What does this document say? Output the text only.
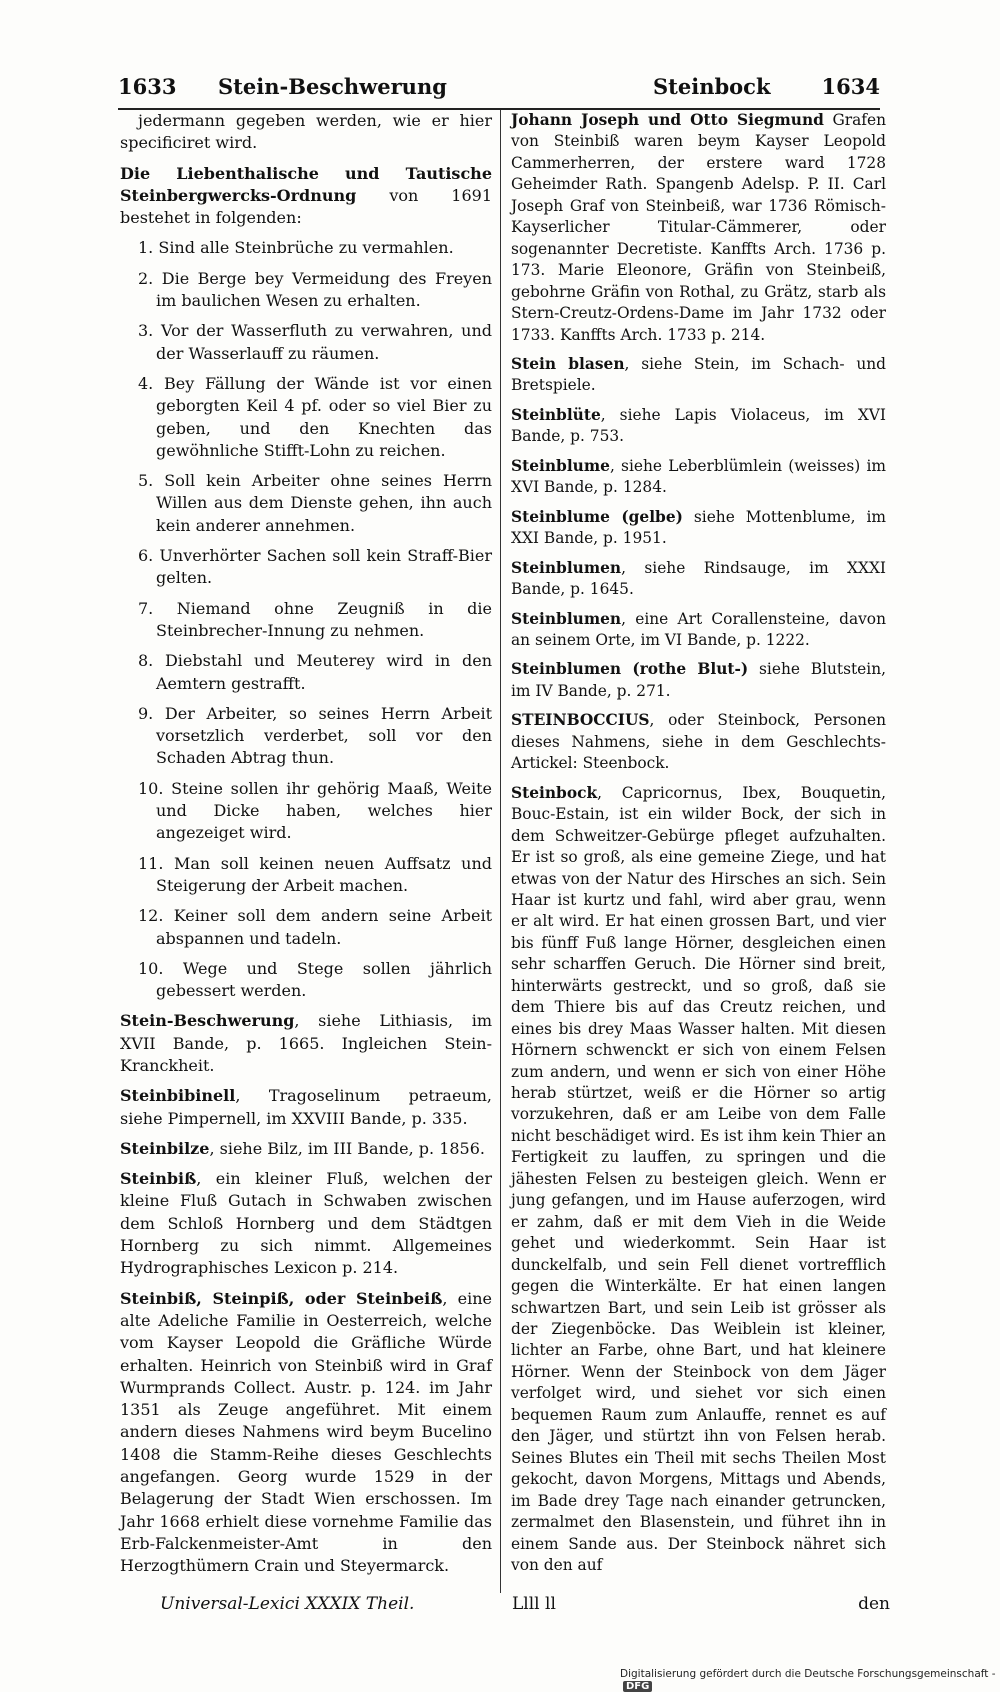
1633 Stein-Beschwerung	Steinbock 1634

jedermann gegeben werden, wie er hier specificiret wird.

Die Liebenthalische und Tautische Steinbergwercks-Ordnung von 1691 bestehet in folgenden:

1. Sind alle Steinbrüche zu vermahlen.

2. Die Berge bey Vermeidung des Freyen im baulichen Wesen zu erhalten.

3. Vor der Wasserfluth zu verwahren, und der Wasserlauff zu räumen.

4. Bey Fällung der Wände ist vor einen geborgten Keil 4 pf. oder so viel Bier zu geben, und den Knechten das gewöhnliche Stifft-Lohn zu reichen.

5. Soll kein Arbeiter ohne seines Herrn Willen aus dem Dienste gehen, ihn auch kein anderer annehmen.

6. Unverhörter Sachen soll kein Straff-Bier gelten.

7. Niemand ohne Zeugniß in die Steinbrecher-Innung zu nehmen.

8. Diebstahl und Meuterey wird in den Aemtern gestrafft.

9. Der Arbeiter, so seines Herrn Arbeit vorsetzlich verderbet, soll vor den Schaden Abtrag thun.

10. Steine sollen ihr gehörig Maaß, Weite und Dicke haben, welches hier angezeiget wird.

11. Man soll keinen neuen Auffsatz und Steigerung der Arbeit machen.

12. Keiner soll dem andern seine Arbeit abspannen und tadeln.

10. Wege und Stege sollen jährlich gebessert werden.

Stein-Beschwerung, siehe Lithiasis, im XVII Bande, p. 1665. Ingleichen Stein-Kranckheit.

Steinbibinell, Tragoselinum petraeum, siehe Pimpernell, im XXVIII Bande, p. 335.

Steinbilze, siehe Bilz, im III Bande, p. 1856.

Steinbiß, ein kleiner Fluß, welchen der kleine Fluß Gutach in Schwaben zwischen dem Schloß Hornberg und dem Städtgen Hornberg zu sich nimmt. Allgemeines Hydrographisches Lexicon p. 214.

Steinbiß, Steinpiß, oder Steinbeiß, eine alte Adeliche Familie in Oesterreich, welche vom Kayser Leopold die Gräfliche Würde erhalten. Heinrich von Steinbiß wird in Graf Wurmprands Collect. Austr. p. 124. im Jahr 1351 als Zeuge angeführet. Mit einem andern dieses Nahmens wird beym Bucelino 1408 die Stamm-Reihe dieses Geschlechts angefangen. Georg wurde 1529 in der Belagerung der Stadt Wien erschossen. Im Jahr 1668 erhielt diese vornehme Familie das Erb-Falckenmeister-Amt in den Herzogthümern Crain und Steyermarck.

Johann Joseph und Otto Siegmund Grafen von Steinbiß waren beym Kayser Leopold Cammerherren, der erstere ward 1728 Geheimder Rath. Spangenb Adelsp. P. II. Carl Joseph Graf von Steinbeiß, war 1736 Römisch-Kayserlicher Titular-Cämmerer, oder sogenannter Decretiste. Kanffts Arch. 1736 p. 173. Marie Eleonore, Gräfin von Steinbeiß, gebohrne Gräfin von Rothal, zu Grätz, starb als Stern-Creutz-Ordens-Dame im Jahr 1732 oder 1733. Kanffts Arch. 1733 p. 214.

Stein blasen, siehe Stein, im Schach- und Bretspiele.

Steinblüte, siehe Lapis Violaceus, im XVI Bande, p. 753.

Steinblume, siehe Leberblümlein (weisses) im XVI Bande, p. 1284.

Steinblume (gelbe) siehe Mottenblume, im XXI Bande, p. 1951.

Steinblumen, siehe Rindsauge, im XXXI Bande, p. 1645.

Steinblumen, eine Art Corallensteine, davon an seinem Orte, im VI Bande, p. 1222.

Steinblumen (rothe Blut-) siehe Blutstein, im IV Bande, p. 271.

STEINBOCCIUS, oder Steinbock, Personen dieses Nahmens, siehe in dem Geschlechts-Artickel: Steenbock.

Steinbock, Capricornus, Ibex, Bouquetin, Bouc-Estain, ist ein wilder Bock, der sich in dem Schweitzer-Gebürge pfleget aufzuhalten. Er ist so groß, als eine gemeine Ziege, und hat etwas von der Natur des Hirsches an sich. Sein Haar ist kurtz und fahl, wird aber grau, wenn er alt wird. Er hat einen grossen Bart, und vier bis fünff Fuß lange Hörner, desgleichen einen sehr scharffen Geruch. Die Hörner sind breit, hinterwärts gestreckt, und so groß, daß sie dem Thiere bis auf das Creutz reichen, und eines bis drey Maas Wasser halten. Mit diesen Hörnern schwenckt er sich von einem Felsen zum andern, und wenn er sich von einer Höhe herab stürtzet, weiß er die Hörner so artig vorzukehren, daß er am Leibe von dem Falle nicht beschädiget wird. Es ist ihm kein Thier an Fertigkeit zu lauffen, zu springen und die jähesten Felsen zu besteigen gleich. Wenn er jung gefangen, und im Hause auferzogen, wird er zahm, daß er mit dem Vieh in die Weide gehet und wiederkommt. Sein Haar ist dunckelfalb, und sein Fell dienet vortrefflich gegen die Winterkälte. Er hat einen langen schwartzen Bart, und sein Leib ist grösser als der Ziegenböcke. Das Weiblein ist kleiner, lichter an Farbe, ohne Bart, und hat kleinere Hörner. Wenn der Steinbock von dem Jäger verfolget wird, und siehet vor sich einen bequemen Raum zum Anlauffe, rennet es auf den Jäger, und stürtzt ihn von Felsen herab. Seines Blutes ein Theil mit sechs Theilen Most gekocht, davon Morgens, Mittags und Abends, im Bade drey Tage nach einander getruncken, zermalmet den Blasenstein, und führet ihn in einem Sande aus. Der Steinbock nähret sich von den auf

Universal-Lexici XXXIX Theil.	Llll ll	den
Digitalisierung gefördert durch die Deutsche Forschungsgemeinschaft -DFG
